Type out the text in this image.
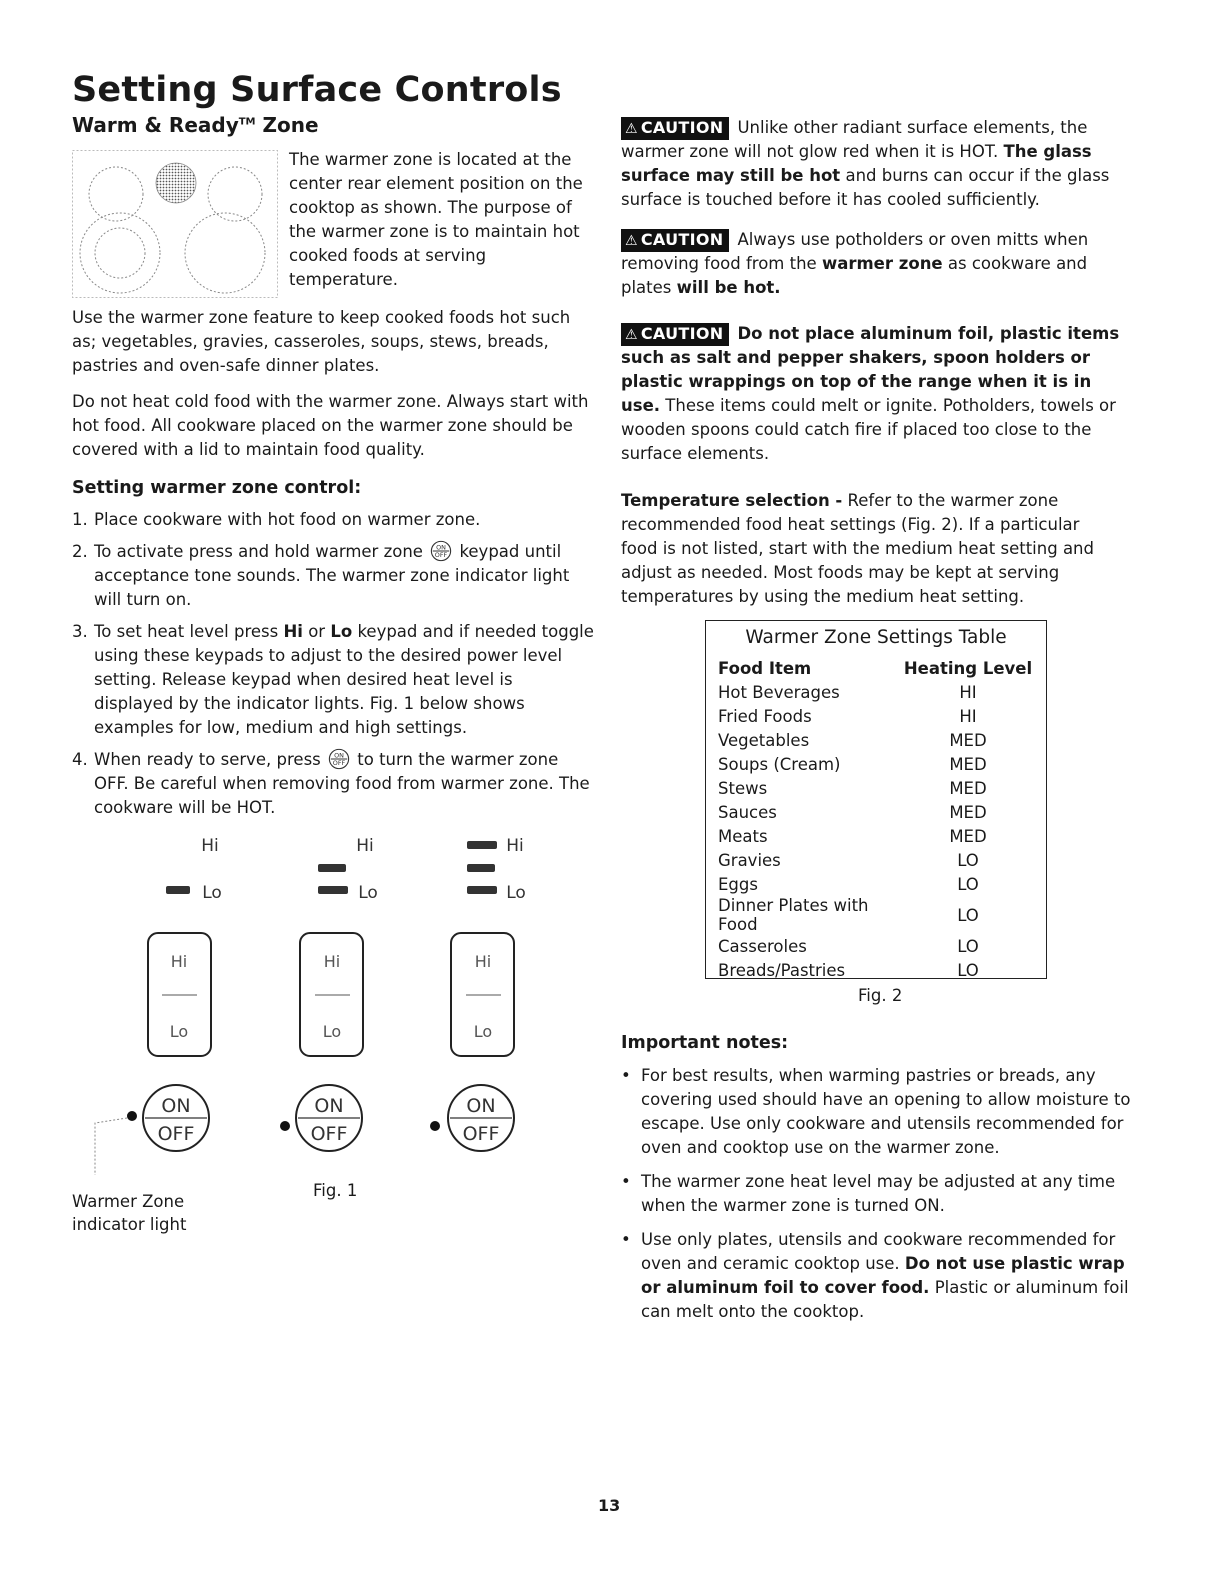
Setting Surface Controls
Warm & Ready™ Zone

The warmer zone is located at the center rear element position on the cooktop as shown. The purpose of the warmer zone is to maintain hot cooked foods at serving temperature.

Use the warmer zone feature to keep cooked foods hot such as; vegetables, gravies, casseroles, soups, stews, breads, pastries and oven-safe dinner plates.

Do not heat cold food with the warmer zone. Always start with hot food. All cookware placed on the warmer zone should be covered with a lid to maintain food quality.

Setting warmer zone control:
1. Place cookware with hot food on warmer zone.
2. To activate press and hold warmer zone keypad until acceptance tone sounds. The warmer zone indicator light will turn on.
3. To set heat level press Hi or Lo keypad and if needed toggle using these keypads to adjust to the desired power level setting. Release keypad when desired heat level is displayed by the indicator lights. Fig. 1 below shows examples for low, medium and high settings.
4. When ready to serve, press to turn the warmer zone OFF. Be careful when removing food from warmer zone. The cookware will be HOT.
Hi
Lo
Hi
Lo
ON
OFF
Hi
Lo
Hi
Lo
ON
OFF
Hi
Lo
Hi
Lo
ON
OFF

Warmer Zone
indicator light

Fig. 1

⚠ CAUTION Unlike other radiant surface elements, the warmer zone will not glow red when it is HOT. The glass surface may still be hot and burns can occur if the glass surface is touched before it has cooled sufficiently.

⚠ CAUTION Always use potholders or oven mitts when removing food from the warmer zone as cookware and plates will be hot.

⚠ CAUTION Do not place aluminum foil, plastic items such as salt and pepper shakers, spoon holders or plastic wrappings on top of the range when it is in use. These items could melt or ignite. Potholders, towels or wooden spoons could catch fire if placed too close to the surface elements.

Temperature selection - Refer to the warmer zone recommended food heat settings (Fig. 2). If a particular food is not listed, start with the medium heat setting and adjust as needed. Most foods may be kept at serving temperatures by using the medium heat setting.

Warmer Zone Settings Table
Food Item	Heating Level
Hot Beverages	HI
Fried Foods	HI
Vegetables	MED
Soups (Cream)	MED
Stews	MED
Sauces	MED
Meats	MED
Gravies	LO
Eggs	LO
Dinner Plates with Food	LO
Casseroles	LO
Breads/Pastries	LO

Fig. 2

Important notes:
• For best results, when warming pastries or breads, any covering used should have an opening to allow moisture to escape. Use only cookware and utensils recommended for oven and cooktop use on the warmer zone.
• The warmer zone heat level may be adjusted at any time when the warmer zone is turned ON.
• Use only plates, utensils and cookware recommended for oven and ceramic cooktop use. Do not use plastic wrap or aluminum foil to cover food. Plastic or aluminum foil can melt onto the cooktop.

13
